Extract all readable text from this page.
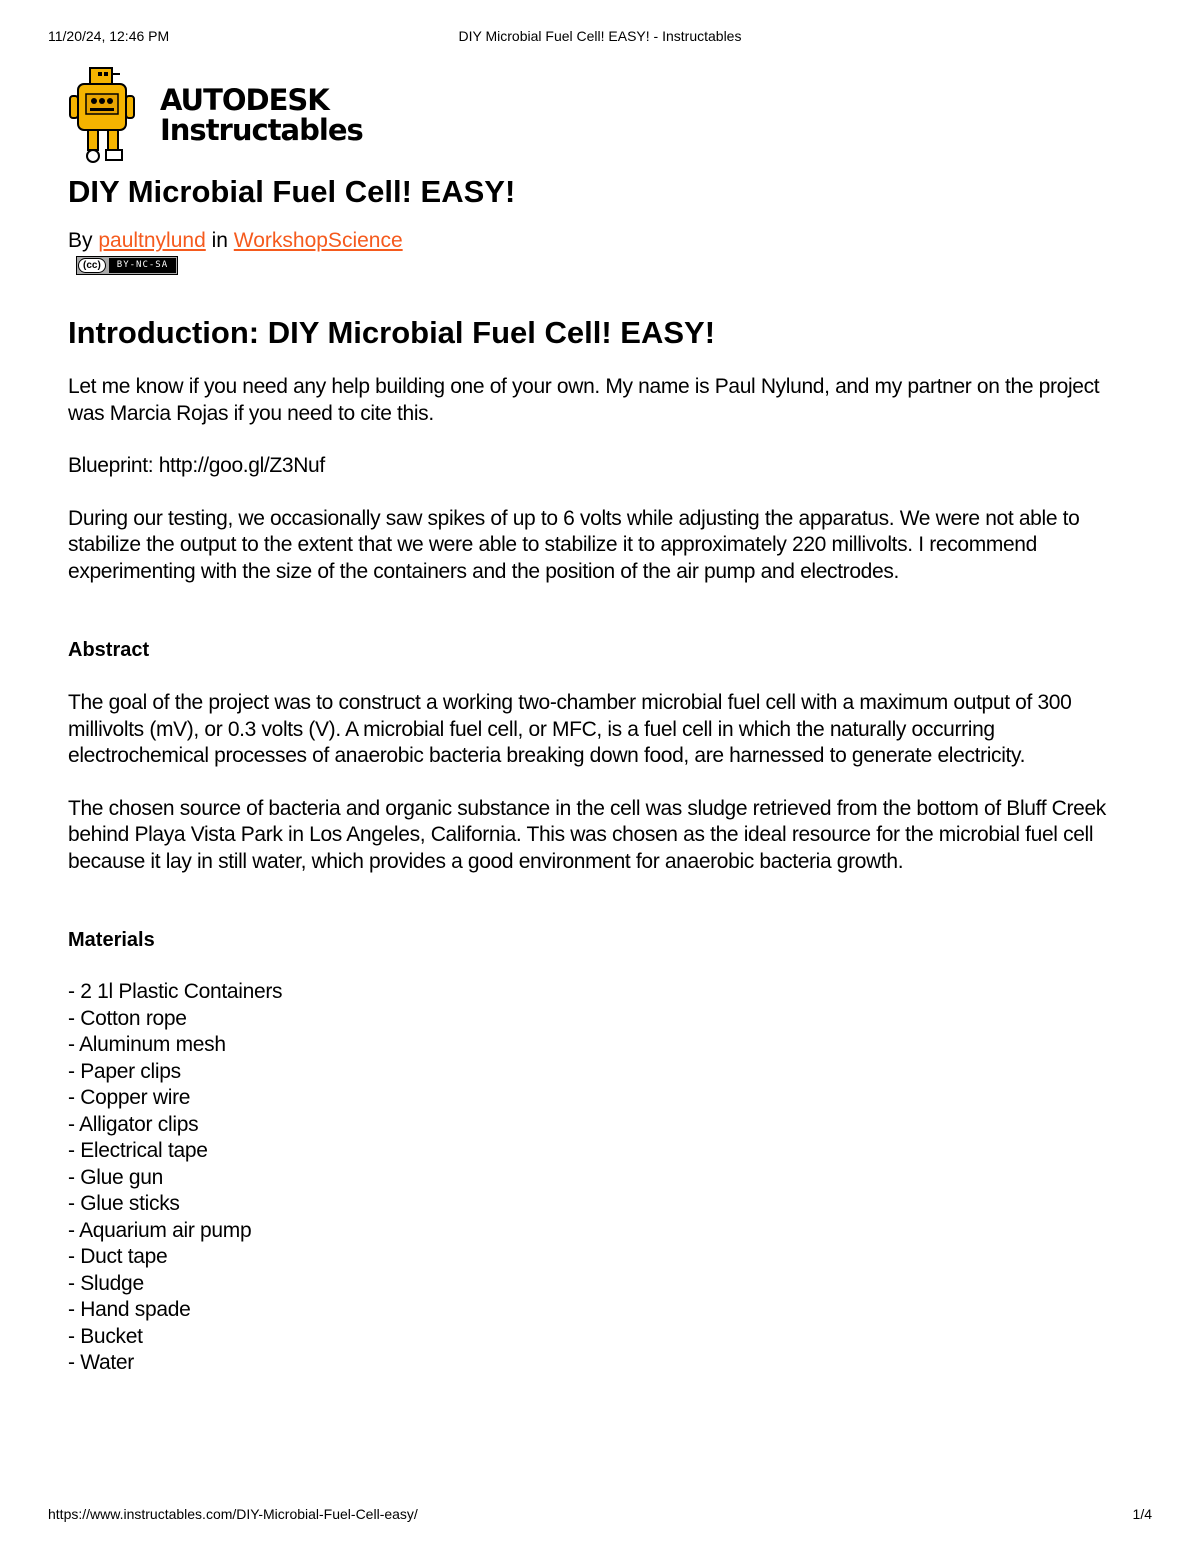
11/20/24, 12:46 PM	DIY Microbial Fuel Cell! EASY! - Instructables
AUTODESK
Instructables
DIY Microbial Fuel Cell! EASY!
By paultnylund in WorkshopScience
(cc)	BY-NC-SA
Introduction: DIY Microbial Fuel Cell! EASY!

Let me know if you need any help building one of your own. My name is Paul Nylund, and my partner on the project was Marcia Rojas if you need to cite this.

Blueprint: http://goo.gl/Z3Nuf

During our testing, we occasionally saw spikes of up to 6 volts while adjusting the apparatus. We were not able to stabilize the output to the extent that we were able to stabilize it to approximately 220 millivolts. I recommend experimenting with the size of the containers and the position of the air pump and electrodes.

Abstract

The goal of the project was to construct a working two-chamber microbial fuel cell with a maximum output of 300 millivolts (mV), or 0.3 volts (V). A microbial fuel cell, or MFC, is a fuel cell in which the naturally occurring electrochemical processes of anaerobic bacteria breaking down food, are harnessed to generate electricity.

The chosen source of bacteria and organic substance in the cell was sludge retrieved from the bottom of Bluff Creek behind Playa Vista Park in Los Angeles, California. This was chosen as the ideal resource for the microbial fuel cell because it lay in still water, which provides a good environment for anaerobic bacteria growth.

Materials
- 2 1l Plastic Containers
- Cotton rope
- Aluminum mesh
- Paper clips
- Copper wire
- Alligator clips
- Electrical tape
- Glue gun
- Glue sticks
- Aquarium air pump
- Duct tape
- Sludge
- Hand spade
- Bucket
- Water
https://www.instructables.com/DIY-Microbial-Fuel-Cell-easy/	1/4
